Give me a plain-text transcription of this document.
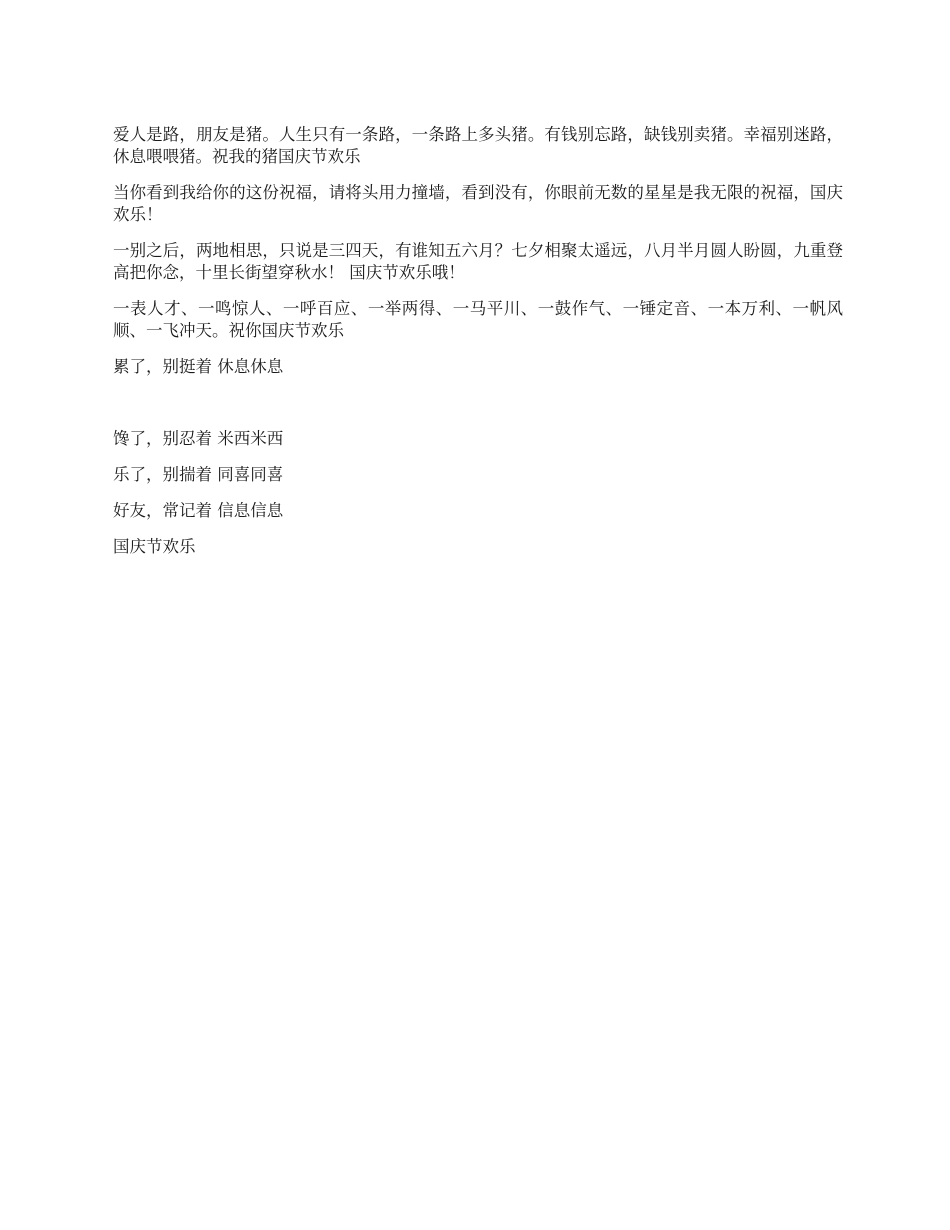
爱人是路，朋友是猪。人生只有一条路，一条路上多头猪。有钱别忘路，缺钱别卖猪。幸福别迷路，休息喂喂猪。祝我的猪国庆节欢乐

当你看到我给你的这份祝福，请将头用力撞墙，看到没有，你眼前无数的星星是我无限的祝福，国庆欢乐！

一别之后，两地相思，只说是三四天，有谁知五六月？七夕相聚太遥远，八月半月圆人盼圆，九重登高把你念，十里长街望穿秋水！ 国庆节欢乐哦！

一表人才、一鸣惊人、一呼百应、一举两得、一马平川、一鼓作气、一锤定音、一本万利、一帆风顺、一飞冲天。祝你国庆节欢乐

累了，别挺着 休息休息

馋了，别忍着 米西米西

乐了，别揣着 同喜同喜

好友，常记着 信息信息

国庆节欢乐
